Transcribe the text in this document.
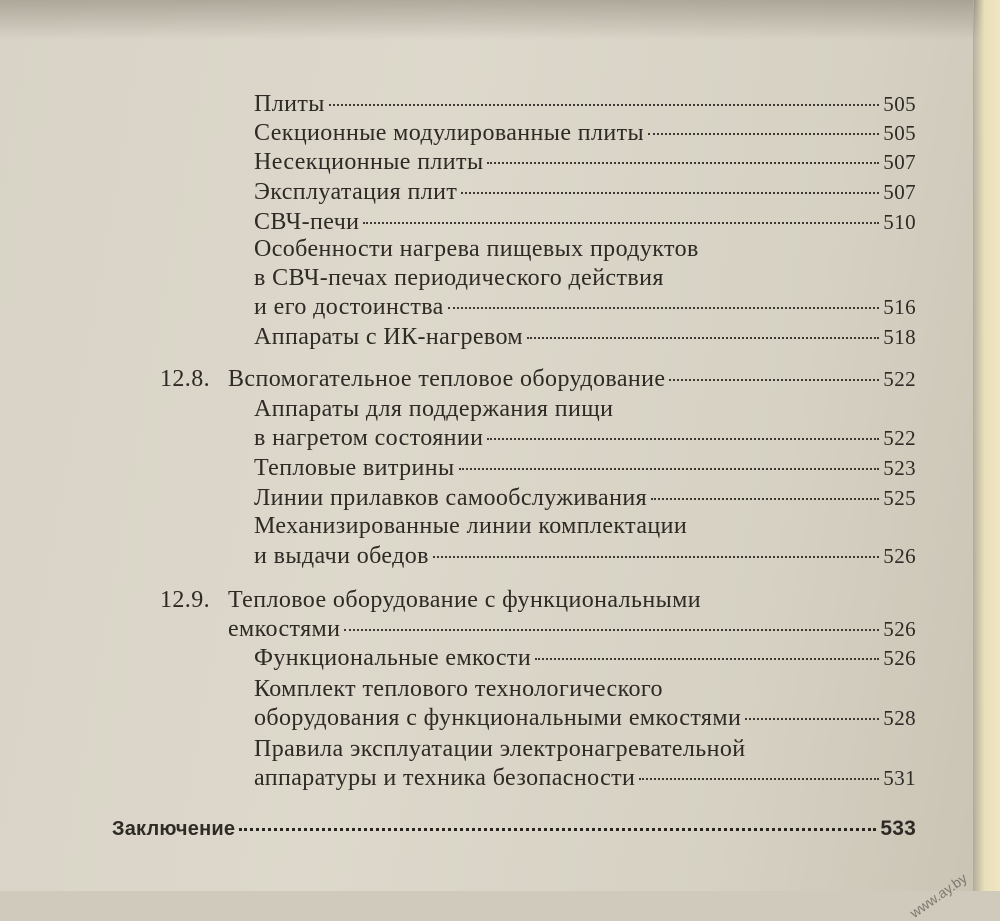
Плиты	505
Секционные модулированные плиты	505
Несекционные плиты	507
Эксплуатация плит	507
СВЧ-печи	510
Особенности нагрева пищевых продуктов
в СВЧ-печах периодического действия
и его достоинства	516
Аппараты с ИК-нагревом	518
12.8. Вспомогательное тепловое оборудование	522
Аппараты для поддержания пищи
в нагретом состоянии	522
Тепловые витрины	523
Линии прилавков самообслуживания	525
Механизированные линии комплектации
и выдачи обедов	526
12.9. Тепловое оборудование с функциональными
емкостями	526
Функциональные емкости	526
Комплект теплового технологического
оборудования с функциональными емкостями	528
Правила эксплуатации электронагревательной
аппаратуры и техника безопасности	531
Заключение	533
www.ay.by
